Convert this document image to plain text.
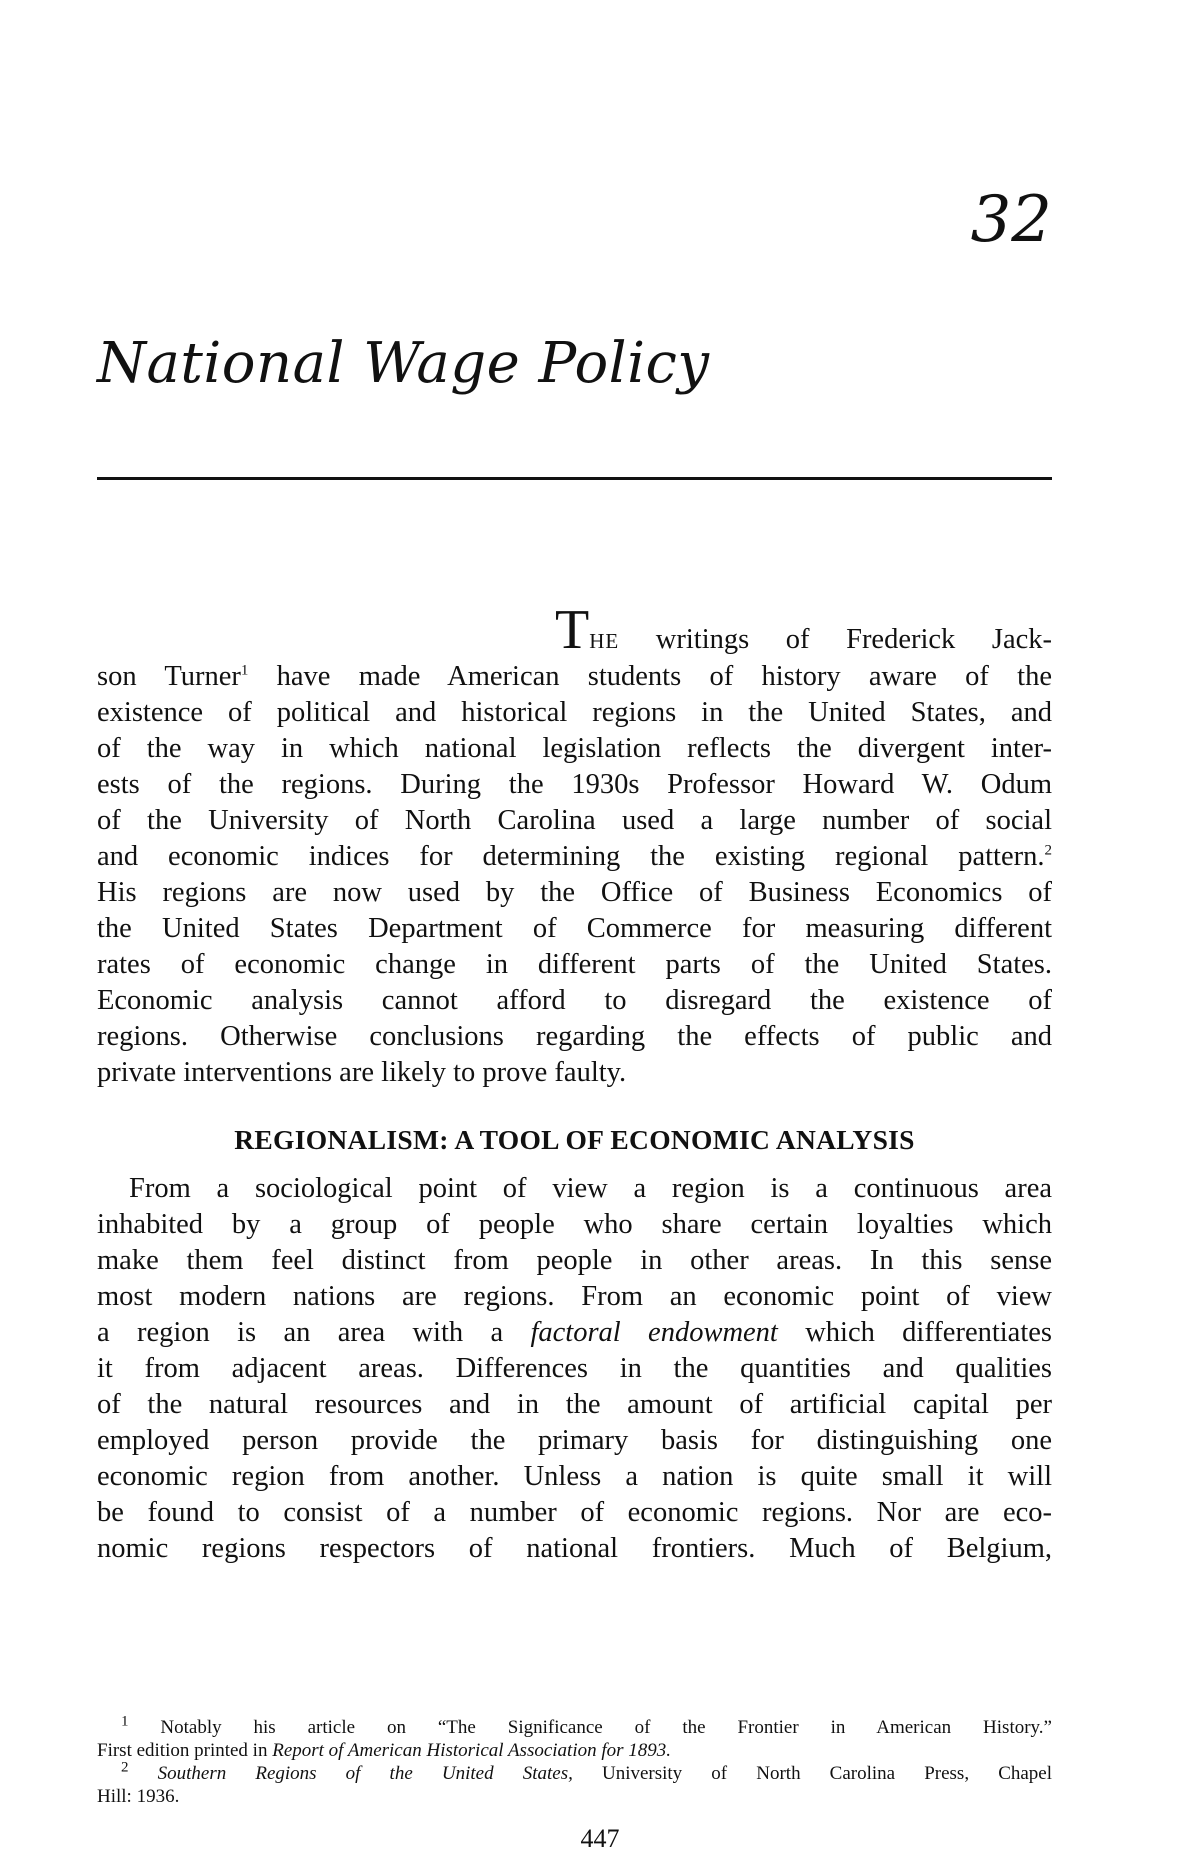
32
National Wage Policy
THE writings of Frederick Jack-
son Turner$^1$ have made American students of history aware of the
existence of political and historical regions in the United States, and
of the way in which national legislation reflects the divergent inter-
ests of the regions. During the 1930s Professor Howard W. Odum
of the University of North Carolina used a large number of social
and economic indices for determining the existing regional pattern.$^2$
His regions are now used by the Office of Business Economics of
the United States Department of Commerce for measuring different
rates of economic change in different parts of the United States.
Economic analysis cannot afford to disregard the existence of
regions. Otherwise conclusions regarding the effects of public and
private interventions are likely to prove faulty.
REGIONALISM: A TOOL OF ECONOMIC ANALYSIS
From a sociological point of view a region is a continuous area
inhabited by a group of people who share certain loyalties which
make them feel distinct from people in other areas. In this sense
most modern nations are regions. From an economic point of view
a region is an area with a factoral endowment which differentiates
it from adjacent areas. Differences in the quantities and qualities
of the natural resources and in the amount of artificial capital per
employed person provide the primary basis for distinguishing one
economic region from another. Unless a nation is quite small it will
be found to consist of a number of economic regions. Nor are eco-
nomic regions respectors of national frontiers. Much of Belgium,
$^1$ Notably his article on “The Significance of the Frontier in American History.”
First edition printed in Report of American Historical Association for 1893.
$^2$ Southern Regions of the United States, University of North Carolina Press, Chapel
Hill: 1936.
447
